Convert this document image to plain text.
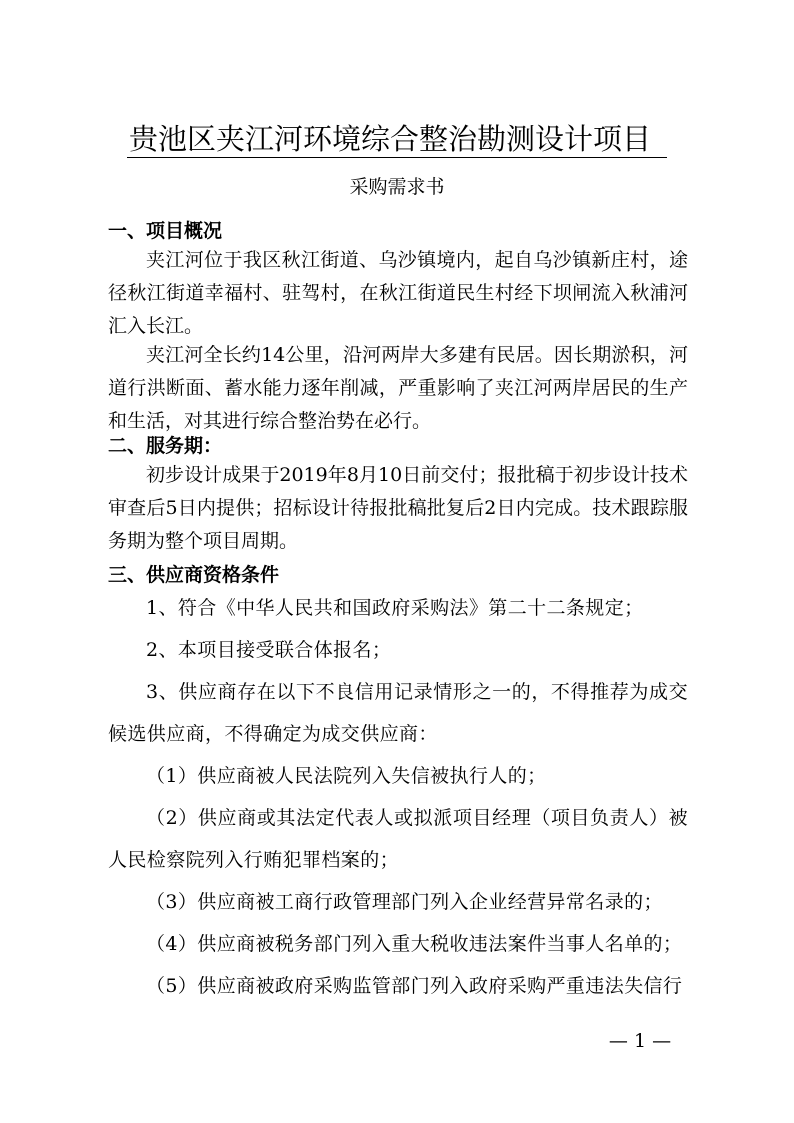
贵池区夹江河环境综合整治勘测设计项目
采购需求书
一、项目概况

夹江河位于我区秋江街道、乌沙镇境内，起自乌沙镇新庄村，途径秋江街道幸福村、驻驾村，在秋江街道民生村经下坝闸流入秋浦河汇入长江。

夹江河全长约14公里，沿河两岸大多建有民居。因长期淤积，河道行洪断面、蓄水能力逐年削减，严重影响了夹江河两岸居民的生产和生活，对其进行综合整治势在必行。

二、服务期：

初步设计成果于2019年8月10日前交付；报批稿于初步设计技术审查后5日内提供；招标设计待报批稿批复后2日内完成。技术跟踪服务期为整个项目周期。

三、供应商资格条件

1、符合《中华人民共和国政府采购法》第二十二条规定；

2、本项目接受联合体报名；

3、供应商存在以下不良信用记录情形之一的，不得推荐为成交候选供应商，不得确定为成交供应商：

（1）供应商被人民法院列入失信被执行人的；

（2）供应商或其法定代表人或拟派项目经理（项目负责人）被人民检察院列入行贿犯罪档案的；

（3）供应商被工商行政管理部门列入企业经营异常名录的；

（4）供应商被税务部门列入重大税收违法案件当事人名单的；

（5）供应商被政府采购监管部门列入政府采购严重违法失信行

— 1 —
